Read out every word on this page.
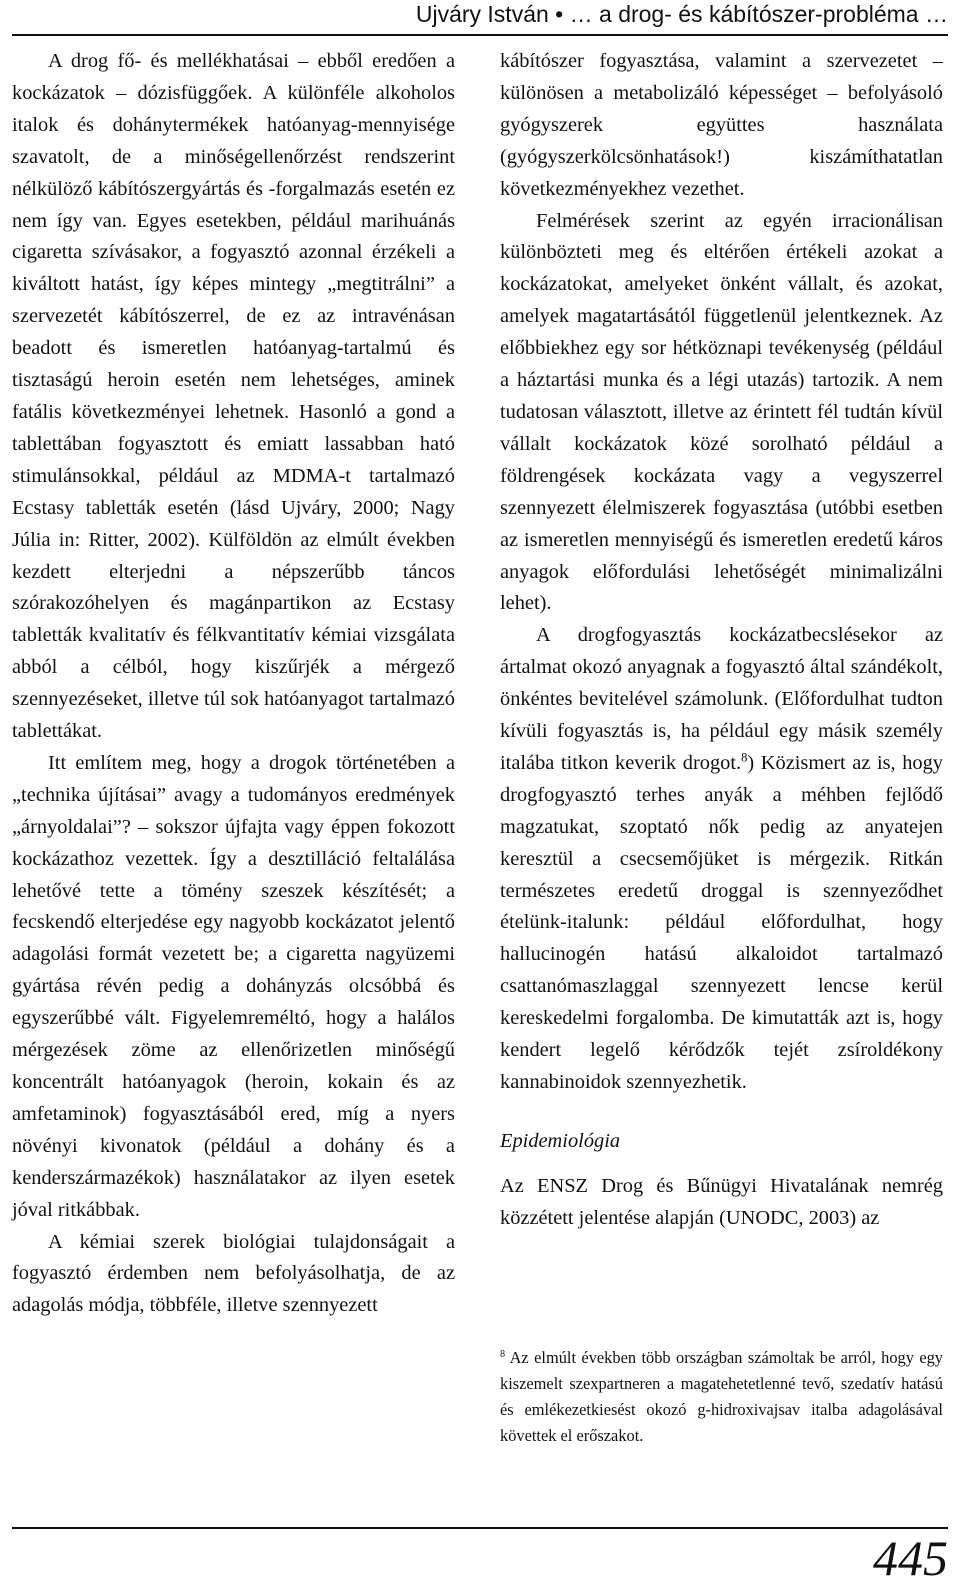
Ujváry István • … a drog- és kábítószer-probléma …

A drog fő- és mellékhatásai – ebből eredően a kockázatok – dózisfüggőek. A különféle alkoholos italok és dohánytermékek hatóanyag-mennyisége szavatolt, de a minőségellenőrzést rendszerint nélkülöző kábítószergyártás és -forgalmazás esetén ez nem így van. Egyes esetekben, például marihuánás cigaretta szívásakor, a fogyasztó azonnal érzékeli a kiváltott hatást, így képes mintegy „megtitrálni” a szervezetét kábítószerrel, de ez az intravénásan beadott és ismeretlen hatóanyag-tartalmú és tisztaságú heroin esetén nem lehetséges, aminek fatális következményei lehetnek. Hasonló a gond a tablettában fogyasztott és emiatt lassabban ható stimulánsokkal, például az MDMA-t tartalmazó Ecstasy tabletták esetén (lásd Ujváry, 2000; Nagy Júlia in: Ritter, 2002). Külföldön az elmúlt években kezdett elterjedni a népszerűbb táncos szórakozóhelyen és magánpartikon az Ecstasy tabletták kvalitatív és félkvantitatív kémiai vizsgálata abból a célból, hogy kiszűrjék a mérgező szennyezéseket, illetve túl sok hatóanyagot tartalmazó tablettákat.

Itt említem meg, hogy a drogok történetében a „technika újításai” avagy a tudományos eredmények „árnyoldalai”? – sokszor újfajta vagy éppen fokozott kockázathoz vezettek. Így a desztilláció feltalálása lehetővé tette a tömény szeszek készítését; a fecskendő elterjedése egy nagyobb kockázatot jelentő adagolási formát vezetett be; a cigaretta nagyüzemi gyártása révén pedig a dohányzás olcsóbbá és egyszerűbbé vált. Figyelemreméltó, hogy a halálos mérgezések zöme az ellenőrizetlen minőségű koncentrált hatóanyagok (heroin, kokain és az amfetaminok) fogyasztásából ered, míg a nyers növényi kivonatok (például a dohány és a kenderszármazékok) használatakor az ilyen esetek jóval ritkábbak.

A kémiai szerek biológiai tulajdonságait a fogyasztó érdemben nem befolyásolhatja, de az adagolás módja, többféle, illetve szennyezett

kábítószer fogyasztása, valamint a szervezetet – különösen a metabolizáló képességet – befolyásoló gyógyszerek együttes használata (gyógyszerkölcsönhatások!) kiszámíthatatlan következményekhez vezethet.

Felmérések szerint az egyén irracionálisan különbözteti meg és eltérően értékeli azokat a kockázatokat, amelyeket önként vállalt, és azokat, amelyek magatartásától függetlenül jelentkeznek. Az előbbiekhez egy sor hétköznapi tevékenység (például a háztartási munka és a légi utazás) tartozik. A nem tudatosan választott, illetve az érintett fél tudtán kívül vállalt kockázatok közé sorolható például a földrengések kockázata vagy a vegyszerrel szennyezett élelmiszerek fogyasztása (utóbbi esetben az ismeretlen mennyiségű és ismeretlen eredetű káros anyagok előfordulási lehetőségét minimalizálni lehet).

A drogfogyasztás kockázatbecslésekor az ártalmat okozó anyagnak a fogyasztó által szándékolt, önkéntes bevitelével számolunk. (Előfordulhat tudton kívüli fogyasztás is, ha például egy másik személy italába titkon keverik drogot.$^8$) Közismert az is, hogy drogfogyasztó terhes anyák a méhben fejlődő magzatukat, szoptató nők pedig az anyatejen keresztül a csecsemőjüket is mérgezik. Ritkán természetes eredetű droggal is szennyeződhet ételünk-italunk: például előfordulhat, hogy hallucinogén hatású alkaloidot tartalmazó csattanómaszlaggal szennyezett lencse kerül kereskedelmi forgalomba. De kimutatták azt is, hogy kendert legelő kérődzők tejét zsíroldékony kannabinoidok szennyezhetik.

Epidemiológia

Az ENSZ Drog és Bűnügyi Hivatalának nemrég közzétett jelentése alapján (UNODC, 2003) az

$^8$ Az elmúlt években több országban számoltak be arról, hogy egy kiszemelt szexpartneren a magatehetetlenné tevő, szedatív hatású és emlékezetkiesést okozó g-hidroxivajsav italba adagolásával követtek el erőszakot.
445
